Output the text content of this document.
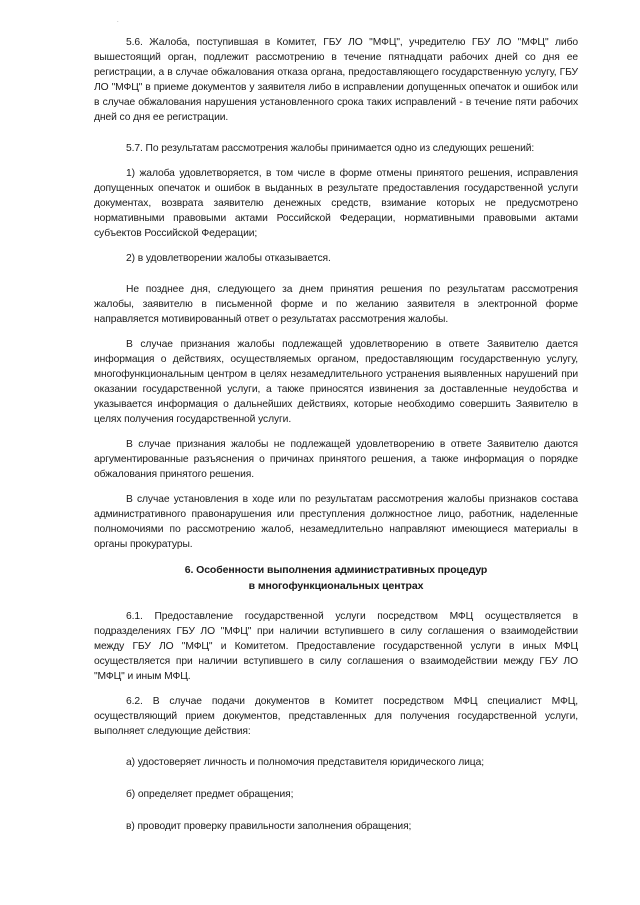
.

5.6. Жалоба, поступившая в Комитет, ГБУ ЛО "МФЦ", учредителю ГБУ ЛО "МФЦ" либо вышестоящий орган, подлежит рассмотрению в течение пятнадцати рабочих дней со дня ее регистрации, а в случае обжалования отказа органа, предоставляющего государственную услугу, ГБУ ЛО "МФЦ" в приеме документов у заявителя либо в исправлении допущенных опечаток и ошибок или в случае обжалования нарушения установленного срока таких исправлений - в течение пяти рабочих дней со дня ее регистрации.

5.7. По результатам рассмотрения жалобы принимается одно из следующих решений:

1) жалоба удовлетворяется, в том числе в форме отмены принятого решения, исправления допущенных опечаток и ошибок в выданных в результате предоставления государственной услуги документах, возврата заявителю денежных средств, взимание которых не предусмотрено нормативными правовыми актами Российской Федерации, нормативными правовыми актами субъектов Российской Федерации;

2) в удовлетворении жалобы отказывается.

Не позднее дня, следующего за днем принятия решения по результатам рассмотрения жалобы, заявителю в письменной форме и по желанию заявителя в электронной форме направляется мотивированный ответ о результатах рассмотрения жалобы.

В случае признания жалобы подлежащей удовлетворению в ответе Заявителю дается информация о действиях, осуществляемых органом, предоставляющим государственную услугу, многофункциональным центром в целях незамедлительного устранения выявленных нарушений при оказании государственной услуги, а также приносятся извинения за доставленные неудобства и указывается информация о дальнейших действиях, которые необходимо совершить Заявителю в целях получения государственной услуги.

В случае признания жалобы не подлежащей удовлетворению в ответе Заявителю даются аргументированные разъяснения о причинах принятого решения, а также информация о порядке обжалования принятого решения.

В случае установления в ходе или по результатам рассмотрения жалобы признаков состава административного правонарушения или преступления должностное лицо, работник, наделенные полномочиями по рассмотрению жалоб, незамедлительно направляют имеющиеся материалы в органы прокуратуры.

6. Особенности выполнения административных процедур
в многофункциональных центрах

6.1. Предоставление государственной услуги посредством МФЦ осуществляется в подразделениях ГБУ ЛО "МФЦ" при наличии вступившего в силу соглашения о взаимодействии между ГБУ ЛО "МФЦ" и Комитетом. Предоставление государственной услуги в иных МФЦ осуществляется при наличии вступившего в силу соглашения о взаимодействии между ГБУ ЛО "МФЦ" и иным МФЦ.

6.2. В случае подачи документов в Комитет посредством МФЦ специалист МФЦ, осуществляющий прием документов, представленных для получения государственной услуги, выполняет следующие действия:

а) удостоверяет личность и полномочия представителя юридического лица;

б) определяет предмет обращения;

в) проводит проверку правильности заполнения обращения;
